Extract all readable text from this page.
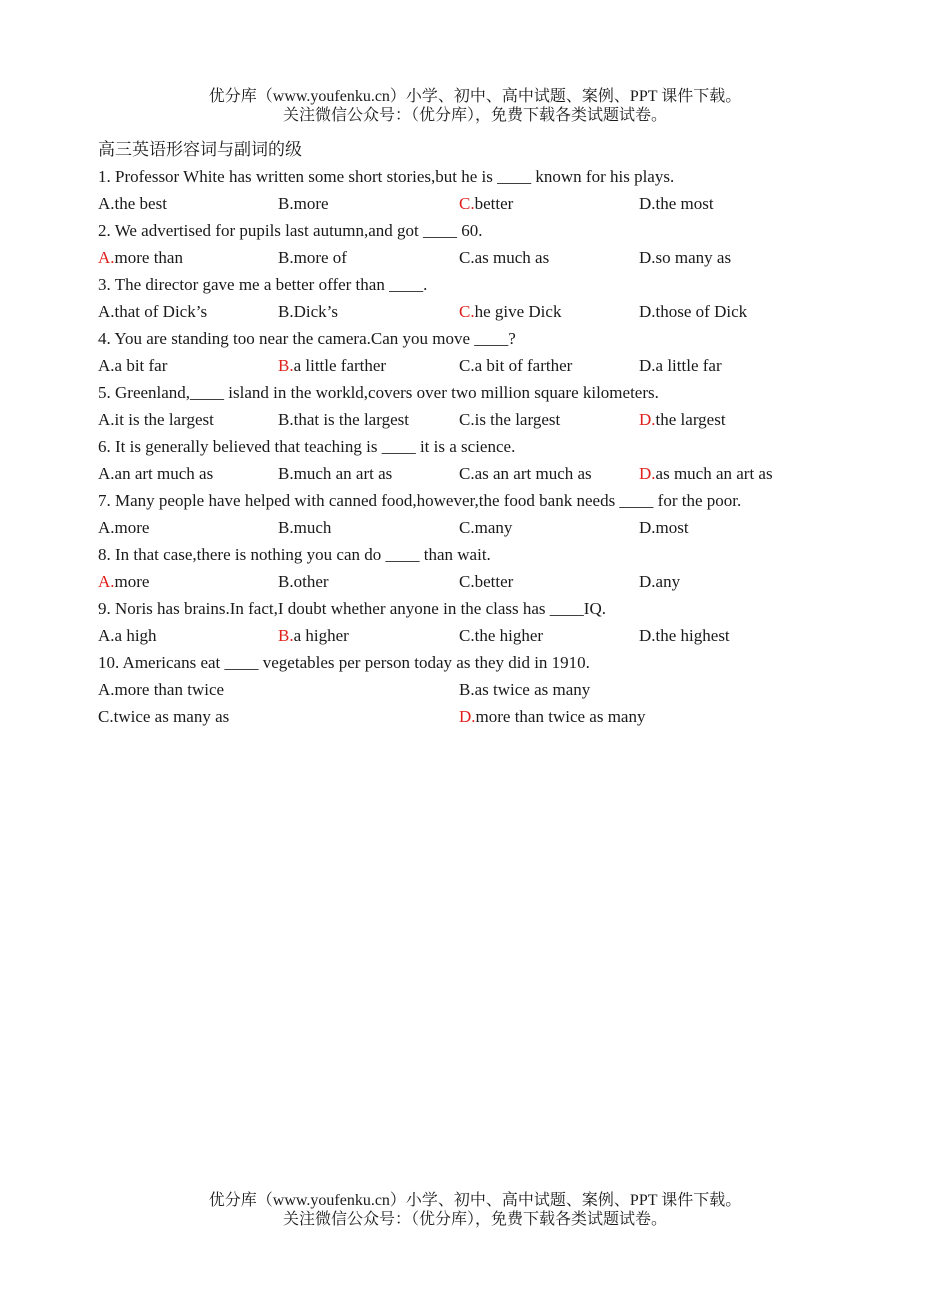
优分库（www.youfenku.cn）小学、初中、高中试题、案例、PPT 课件下载。
关注微信公众号：（优分库），免费下载各类试题试卷。
高三英语形容词与副词的级
1. Professor White has written some short stories,but he is ____ known for his plays.
A.the best	B.more	C.better	D.the most
2. We advertised for pupils last autumn,and got ____ 60.
A.more than	B.more of	C.as much as	D.so many as
3. The director gave me a better offer than ____.
A.that of Dick’s	B.Dick’s	C.he give Dick	D.those of Dick
4. You are standing too near the camera.Can you move ____?
A.a bit far	B.a little farther	C.a bit of farther	D.a little far
5. Greenland,____ island in the workld,covers over two million square kilometers.
A.it is the largest	B.that is the largest	C.is the largest	D.the largest
6. It is generally believed that teaching is ____ it is a science.
A.an art much as	B.much an art as	C.as an art much as	D.as much an art as
7. Many people have helped with canned food,however,the food bank needs ____ for the poor.
A.more	B.much	C.many	D.most
8. In that case,there is nothing you can do ____ than wait.
A.more	B.other	C.better	D.any
9. Noris has brains.In fact,I doubt whether anyone in the class has ____IQ.
A.a high	B.a higher	C.the higher	D.the highest
10. Americans eat ____ vegetables per person today as they did in 1910.
A.more than twice	B.as twice as many
C.twice as many as	D.more than twice as many
优分库（www.youfenku.cn）小学、初中、高中试题、案例、PPT 课件下载。
关注微信公众号：（优分库），免费下载各类试题试卷。
